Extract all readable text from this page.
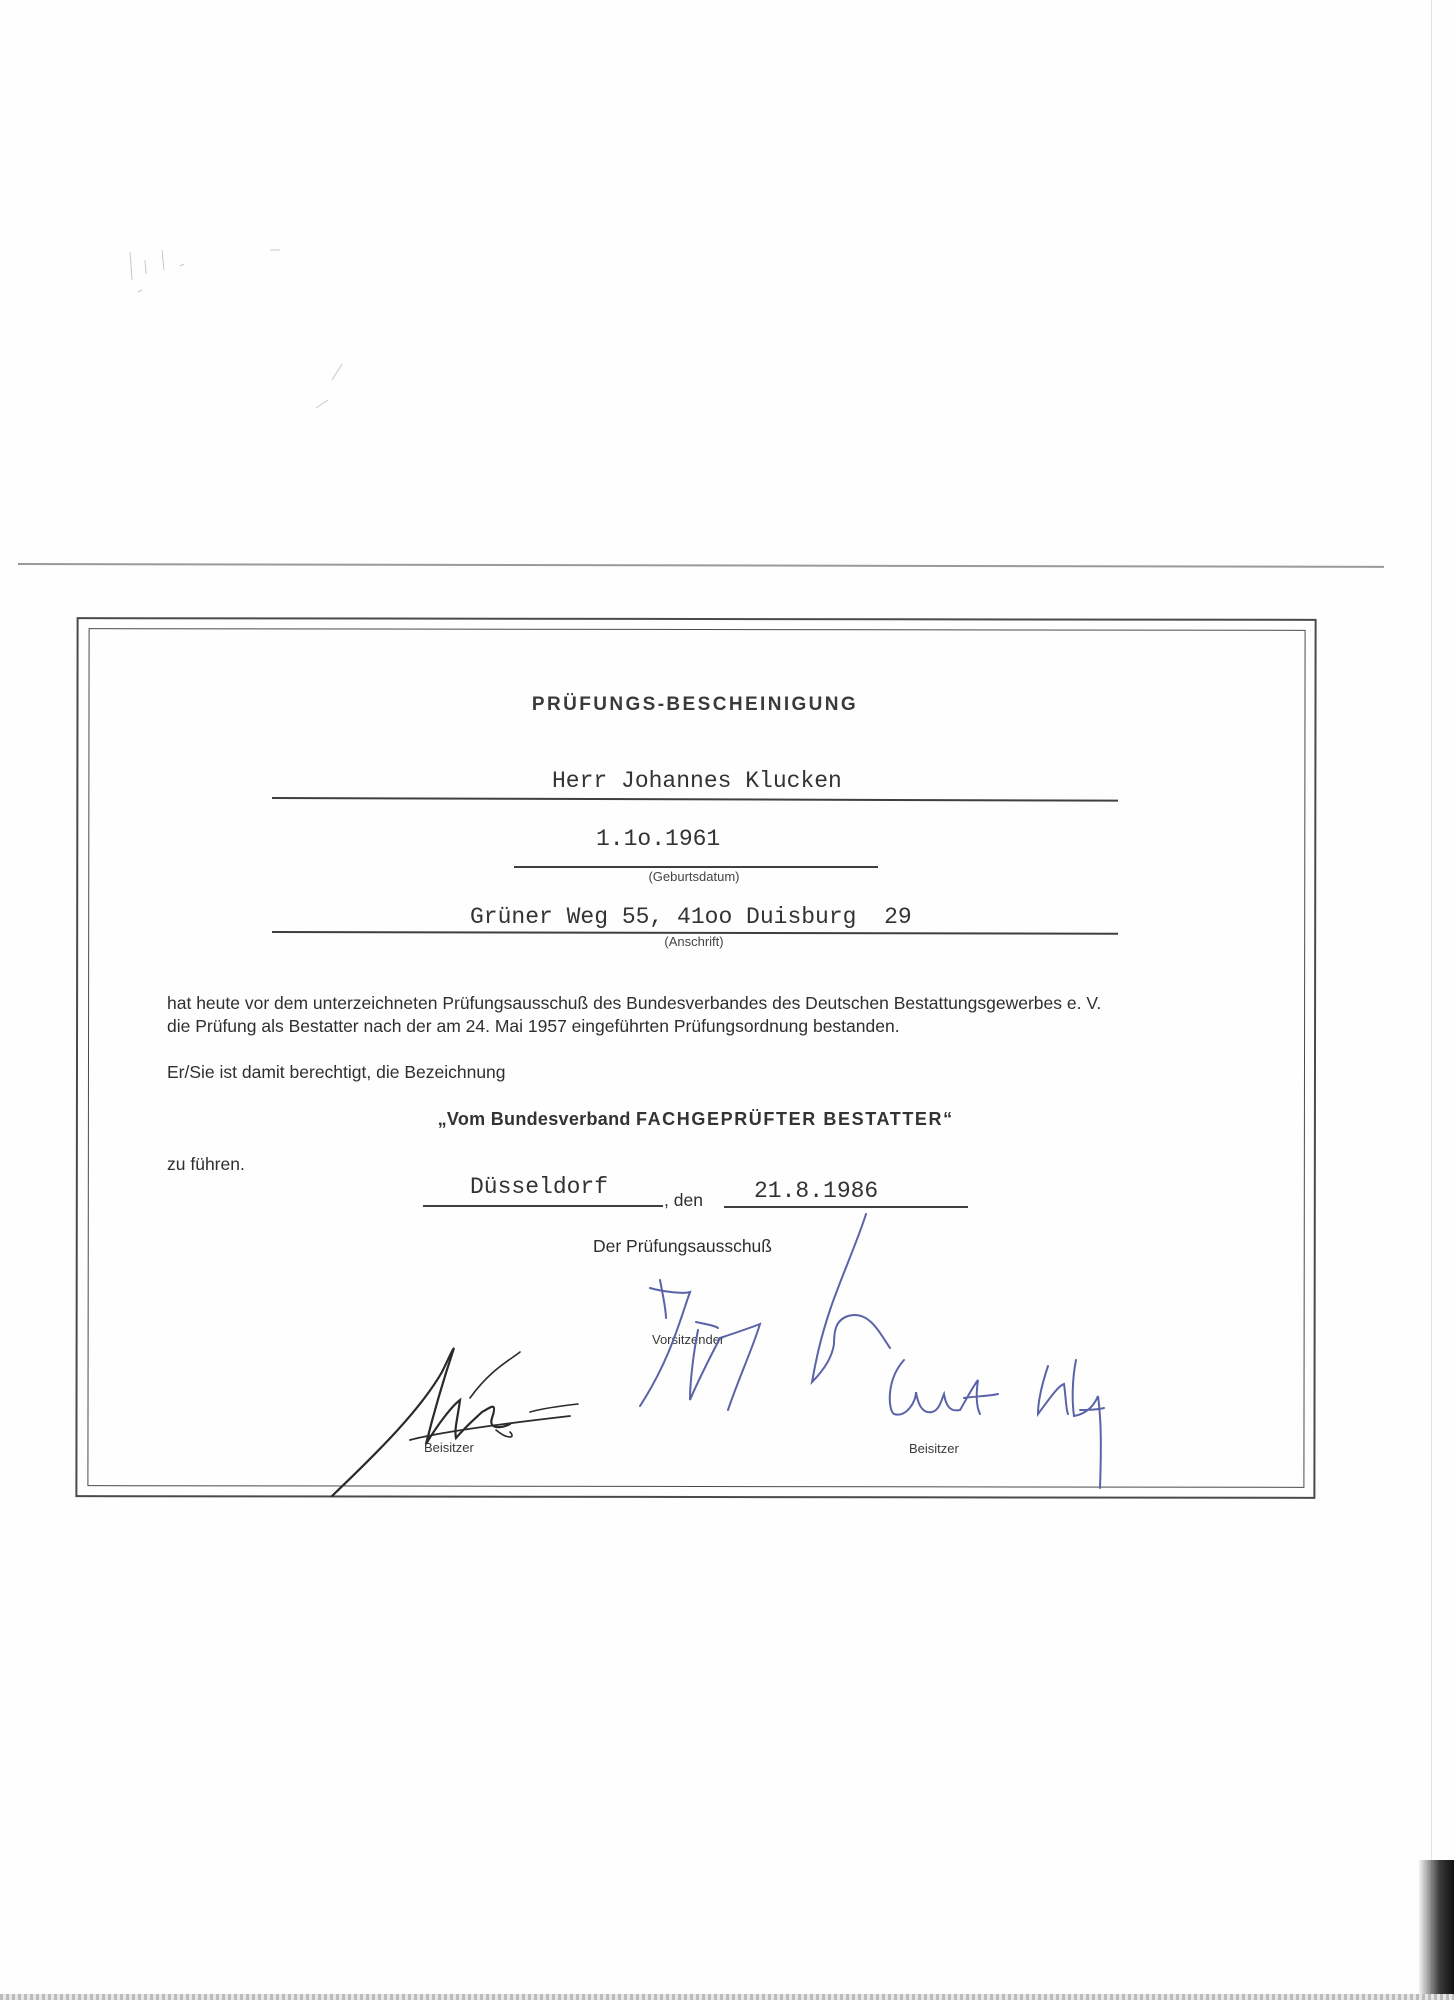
PRÜFUNGS-BESCHEINIGUNG
Herr Johannes Klucken
1.1o.1961
(Geburtsdatum)
Grüner Weg 55, 41oo Duisburg  29
(Anschrift)
hat heute vor dem unterzeichneten Prüfungsausschuß des Bundesverbandes des Deutschen Bestattungsgewerbes e. V.
die Prüfung als Bestatter nach der am 24. Mai 1957 eingeführten Prüfungsordnung bestanden.
Er/Sie ist damit berechtigt, die Bezeichnung
„Vom Bundesverband FACHGEPRÜFTER BESTATTER“
zu führen.
Düsseldorf	, den 21.8.1986
Der Prüfungsausschuß
Vorsitzender
Beisitzer	Beisitzer
